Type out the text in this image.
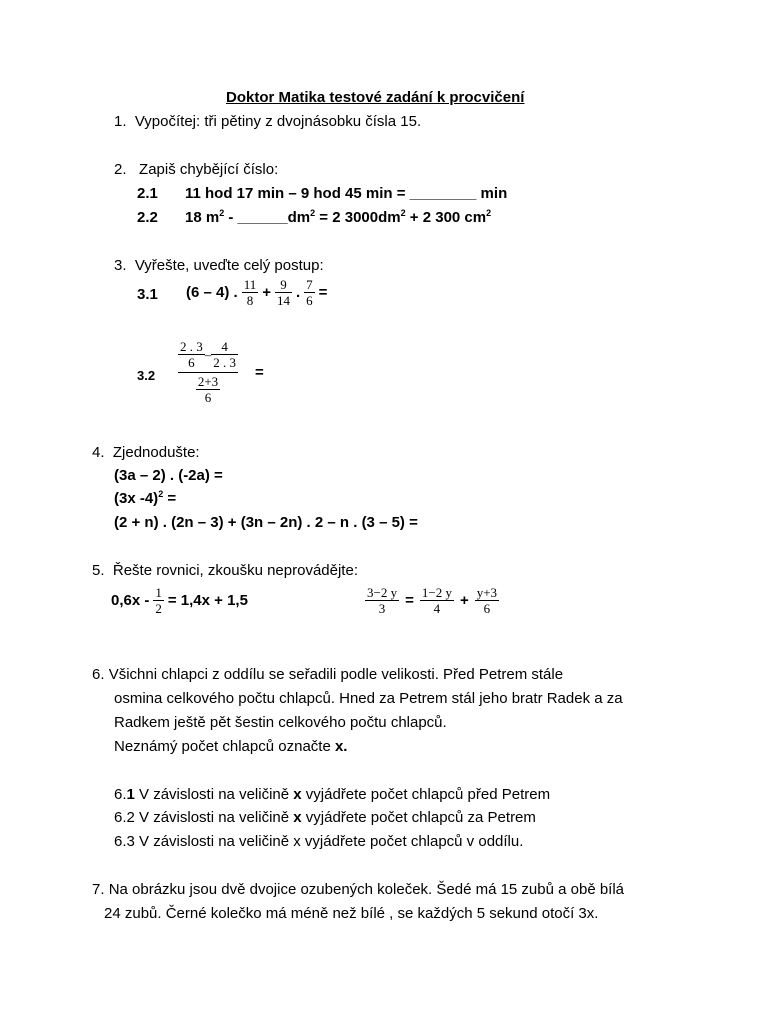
Doktor Matika testové zadání k procvičení
1. Vypočítej: tři pětiny z dvojnásobku čísla 15.
2. Zapiš chybějící číslo:
2.1 11 hod 17 min – 9 hod 45 min = ________ min
2.2 18 $m^2$ - $\_\_\_\_\_\_dm^2 = 2$ $3000dm^2 + 2$ 300 $cm^2$
3. Vyřešte, uveďte celý postup:
3.1 (6 – 4) . $\frac{11}{8} + \frac{9}{14}$ . $\frac{7}{6}$ =
$3.2 \frac{\frac{2 . 3}{6} - \frac{4}{2 . 3}}{\frac{2+3}{6}}$ =
4. Zjednodušte:
(3a – 2) . (-2a) =
(3x -4)$^2$ =
(2 + n) . (2n – 3) + (3n – 2n) . 2 – n . (3 – 5) =
5. Řešte rovnici, zkoušku neprovádějte:
$0,6x - \frac{1}{2} = 1,4x + 1,5$	$\frac{3-2 y}{3} = \frac{1-2 y}{4} + \frac{y+3}{6}$
6. Všichni chlapci z oddílu se seřadili podle velikosti. Před Petrem stále
osmina celkového počtu chlapců. Hned za Petrem stál jeho bratr Radek a za
Radkem ještě pět šestin celkového počtu chlapců.
Neznámý počet chlapců označte x.
6.1 V závislosti na veličině x vyjádřete počet chlapců před Petrem
6.2 V závislosti na veličině x vyjádřete počet chlapců za Petrem
6.3 V závislosti na veličině x vyjádřete počet chlapců v oddílu.
7. Na obrázku jsou dvě dvojice ozubených koleček. Šedé má 15 zubů a obě bílá
24 zubů. Černé kolečko má méně než bílé , se každých 5 sekund otočí 3x.
